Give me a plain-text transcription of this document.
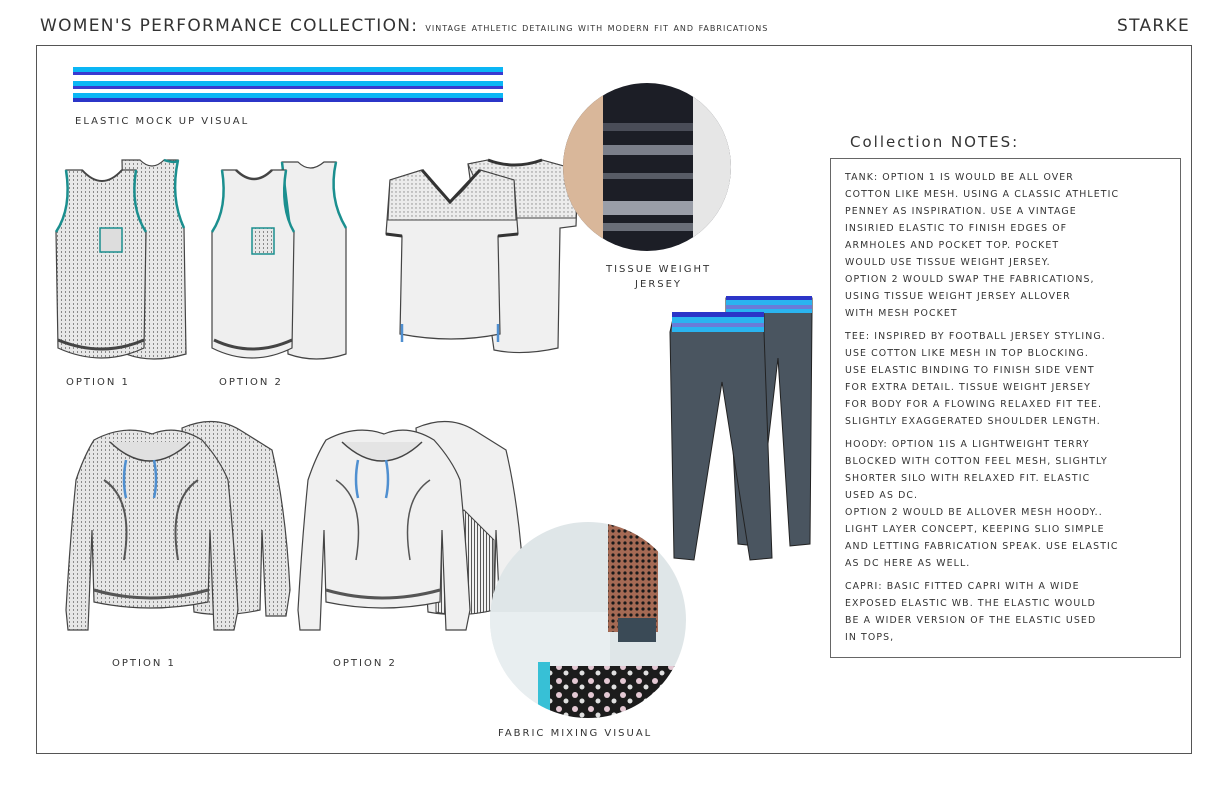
WOMEN'S PERFORMANCE COLLECTION: vintage athletic detailing with modern fit and fabrications	STARKE
ELASTIC MOCK UP VISUAL
OPTION 1	OPTION 2
TISSUE WEIGHT
JERSEY
OPTION 1	OPTION 2
FABRIC MIXING VISUAL
Collection NOTES:

TANK: OPTION 1 IS WOULD BE ALL OVER
COTTON LIKE MESH. USING A CLASSIC ATHLETIC
PENNEY AS INSPIRATION. USE A VINTAGE
INSIRIED ELASTIC TO FINISH EDGES OF
ARMHOLES AND POCKET TOP. POCKET
WOULD USE TISSUE WEIGHT JERSEY.
OPTION 2 WOULD SWAP THE FABRICATIONS,
USING TISSUE WEIGHT JERSEY ALLOVER
WITH MESH POCKET

TEE: INSPIRED BY FOOTBALL JERSEY STYLING.
USE COTTON LIKE MESH IN TOP BLOCKING.
USE ELASTIC BINDING TO FINISH SIDE VENT
FOR EXTRA DETAIL. TISSUE WEIGHT JERSEY
FOR BODY FOR A FLOWING RELAXED FIT TEE.
SLIGHTLY EXAGGERATED SHOULDER LENGTH.

HOODY: OPTION 1IS A LIGHTWEIGHT TERRY
BLOCKED WITH COTTON FEEL MESH, SLIGHTLY
SHORTER SILO WITH RELAXED FIT. ELASTIC
USED AS DC.
OPTION 2 WOULD BE ALLOVER MESH HOODY..
LIGHT LAYER CONCEPT, KEEPING SLIO SIMPLE
AND LETTING FABRICATION SPEAK. USE ELASTIC
AS DC HERE AS WELL.

CAPRI: BASIC FITTED CAPRI WITH A WIDE
EXPOSED ELASTIC WB. THE ELASTIC WOULD
BE A WIDER VERSION OF THE ELASTIC USED
IN TOPS,
